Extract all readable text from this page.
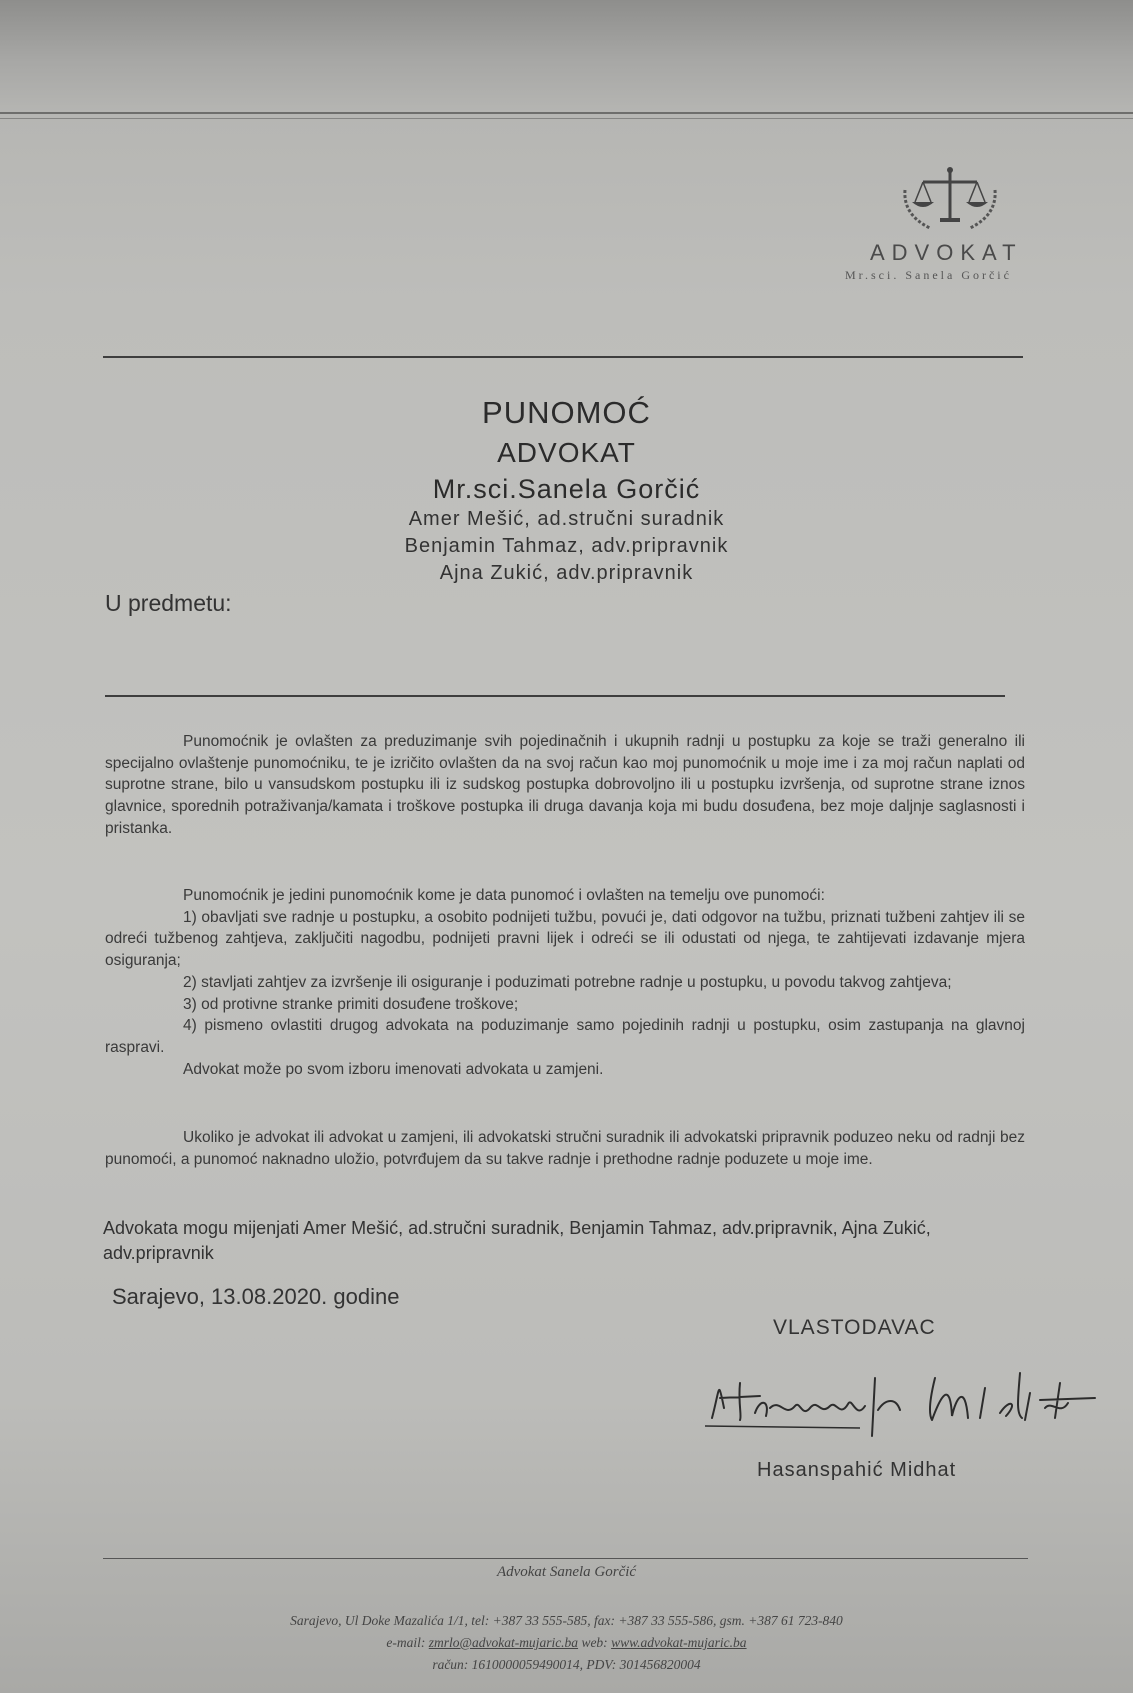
ADVOKAT
Mr.sci. Sanela Gorčić
PUNOMOĆ
ADVOKAT
Mr.sci.Sanela Gorčić
Amer Mešić, ad.stručni suradnik
Benjamin Tahmaz, adv.pripravnik
Ajna Zukić, adv.pripravnik
U predmetu:

Punomoćnik je ovlašten za preduzimanje svih pojedinačnih i ukupnih radnji u postupku za koje se traži generalno ili specijalno ovlaštenje punomoćniku, te je izričito ovlašten da na svoj račun kao moj punomoćnik u moje ime i za moj račun naplati od suprotne strane, bilo u vansudskom postupku ili iz sudskog postupka dobrovoljno ili u postupku izvršenja, od suprotne strane iznos glavnice, sporednih potraživanja/kamata i troškove postupka ili druga davanja koja mi budu dosuđena, bez moje daljnje saglasnosti i pristanka.

Punomoćnik je jedini punomoćnik kome je data punomoć i ovlašten na temelju ove punomoći:

1) obavljati sve radnje u postupku, a osobito podnijeti tužbu, povući je, dati odgovor na tužbu, priznati tužbeni zahtjev ili se odreći tužbenog zahtjeva, zaključiti nagodbu, podnijeti pravni lijek i odreći se ili odustati od njega, te zahtijevati izdavanje mjera osiguranja;

2) stavljati zahtjev za izvršenje ili osiguranje i poduzimati potrebne radnje u postupku, u povodu takvog zahtjeva;

3) od protivne stranke primiti dosuđene troškove;

4) pismeno ovlastiti drugog advokata na poduzimanje samo pojedinih radnji u postupku, osim zastupanja na glavnoj raspravi.

Advokat može po svom izboru imenovati advokata u zamjeni.

Ukoliko je advokat ili advokat u zamjeni, ili advokatski stručni suradnik ili advokatski pripravnik poduzeo neku od radnji bez punomoći, a punomoć naknadno uložio, potvrđujem da su takve radnje i prethodne radnje poduzete u moje ime.

Advokata mogu mijenjati Amer Mešić, ad.stručni suradnik, Benjamin Tahmaz, adv.pripravnik, Ajna Zukić, adv.pripravnik
Sarajevo, 13.08.2020. godine
VLASTODAVAC
Hasanspahić Midhat
Advokat Sanela Gorčić
Sarajevo, Ul Doke Mazalića 1/1, tel: +387 33 555-585, fax: +387 33 555-586, gsm. +387 61 723-840
e-mail: zmrlo@advokat-mujaric.ba web: www.advokat-mujaric.ba
račun: 1610000059490014, PDV: 301456820004
